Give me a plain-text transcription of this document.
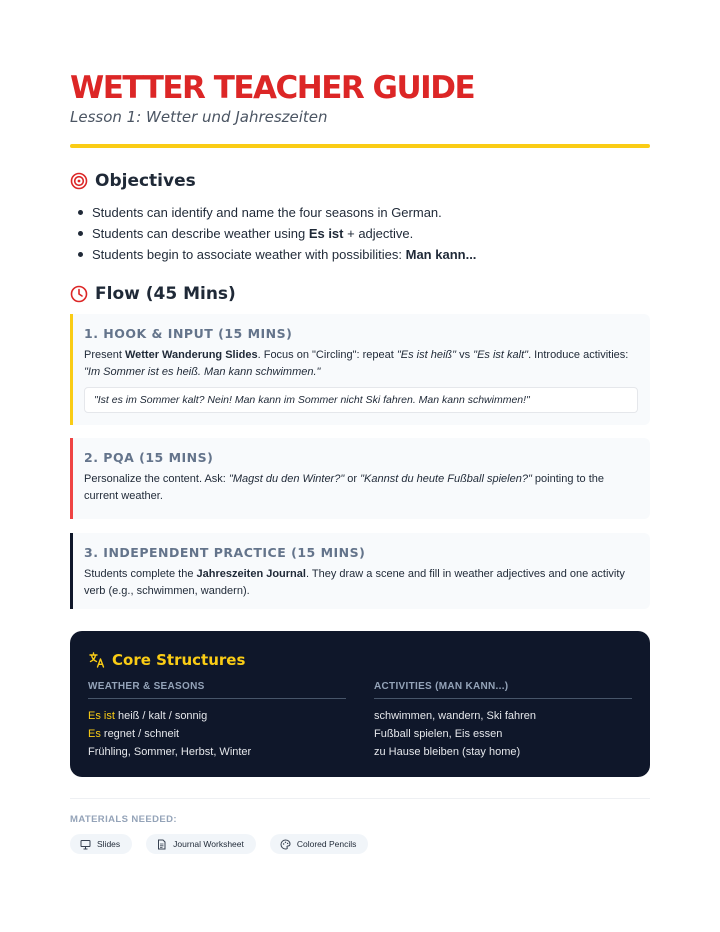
WETTER TEACHER GUIDE
Lesson 1: Wetter und Jahreszeiten
Objectives
Students can identify and name the four seasons in German.
Students can describe weather using Es ist + adjective.
Students begin to associate weather with possibilities: Man kann...
Flow (45 Mins)
1. HOOK & INPUT (15 MINS)
Present Wetter Wanderung Slides. Focus on "Circling": repeat "Es ist heiß" vs "Es ist kalt". Introduce activities: "Im Sommer ist es heiß. Man kann schwimmen."
"Ist es im Sommer kalt? Nein! Man kann im Sommer nicht Ski fahren. Man kann schwimmen!"
2. PQA (15 MINS)
Personalize the content. Ask: "Magst du den Winter?" or "Kannst du heute Fußball spielen?" pointing to the current weather.
3. INDEPENDENT PRACTICE (15 MINS)
Students complete the Jahreszeiten Journal. They draw a scene and fill in weather adjectives and one activity verb (e.g., schwimmen, wandern).
Core Structures
WEATHER & SEASONS
Es ist heiß / kalt / sonnig
Es regnet / schneit
Frühling, Sommer, Herbst, Winter
ACTIVITIES (MAN KANN...)
schwimmen, wandern, Ski fahren
Fußball spielen, Eis essen
zu Hause bleiben (stay home)
MATERIALS NEEDED:
Slides	Journal Worksheet	Colored Pencils
